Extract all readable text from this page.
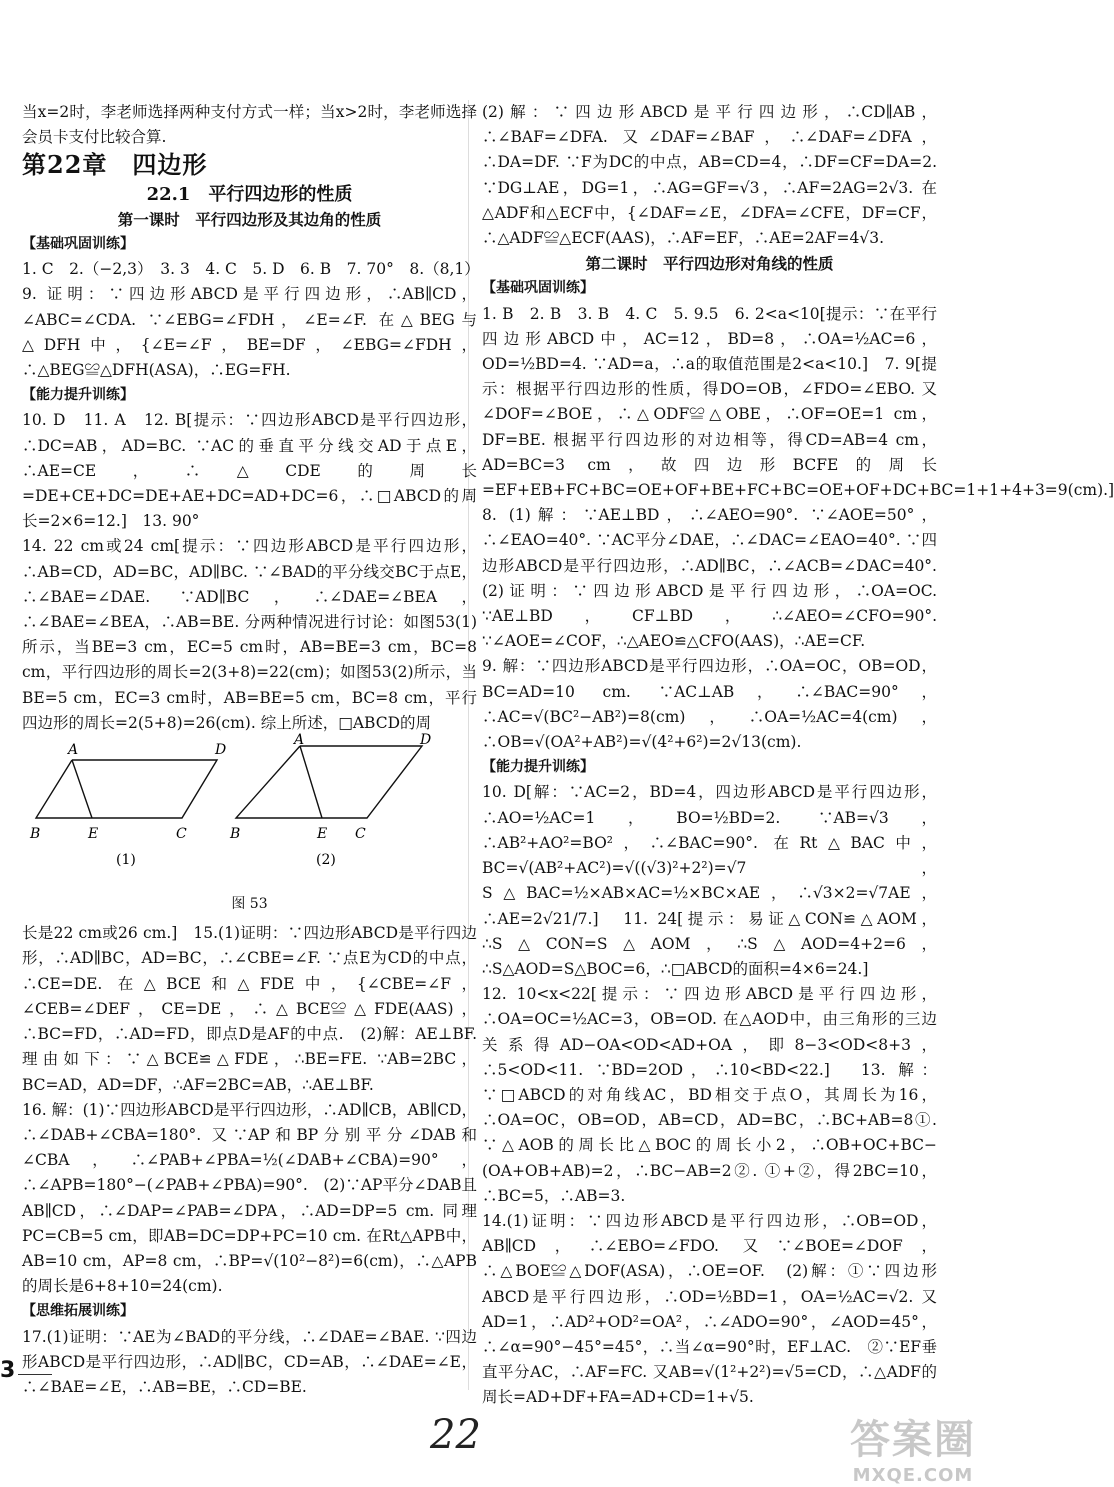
当x=2时，李老师选择两种支付方式一样；当x>2时，李老师选择会员卡支付比较合算.

第22章　四边形

22.1　平行四边形的性质

第一课时　平行四边形及其边角的性质

【基础巩固训练】

1. C　2.（−2,3）　3. 3　4. C　5. D　6. B　7. 70°　8.（8,1）

9. 证明：∵四边形ABCD是平行四边形，∴AB∥CD，∠ABC=∠CDA. ∵∠EBG=∠FDH，∠E=∠F. 在△BEG与△DFH中，{∠E=∠F，BE=DF，∠EBG=∠FDH，∴△BEG≌△DFH(ASA)，∴EG=FH.

【能力提升训练】

10. D　11. A　12. B[提示：∵四边形ABCD是平行四边形，∴DC=AB，AD=BC. ∵AC的垂直平分线交AD于点E，∴AE=CE，∴△CDE的周长=DE+CE+DC=DE+AE+DC=AD+DC=6，∴□ABCD的周长=2×6=12.]　13. 90°

14. 22 cm或24 cm[提示：∵四边形ABCD是平行四边形，∴AB=CD，AD=BC，AD∥BC. ∵∠BAD的平分线交BC于点E，∴∠BAE=∠DAE. ∵AD∥BC，∴∠DAE=∠BEA，∴∠BAE=∠BEA，∴AB=BE. 分两种情况进行讨论：如图53(1)所示，当BE=3 cm，EC=5 cm时，AB=BE=3 cm，BC=8 cm，平行四边形的周长=2(3+8)=22(cm)；如图53(2)所示，当BE=5 cm，EC=3 cm时，AB=BE=5 cm，BC=8 cm，平行四边形的周长=2(5+8)=26(cm). 综上所述，□ABCD的周

A	D
B	E	C
(1)
A	D
B	E C
(2)

图 53

长是22 cm或26 cm.]　15.(1)证明：∵四边形ABCD是平行四边形，∴AD∥BC，AD=BC，∴∠CBE=∠F. ∵点E为CD的中点，∴CE=DE. 在△BCE和△FDE中，{∠CBE=∠F，∠CEB=∠DEF，CE=DE，∴△BCE≌△FDE(AAS)，∴BC=FD，∴AD=FD，即点D是AF的中点.　(2)解：AE⊥BF. 理由如下：∵△BCE≌△FDE，∴BE=FE. ∵AB=2BC，BC=AD，AD=DF，∴AF=2BC=AB，∴AE⊥BF.

16. 解：(1)∵四边形ABCD是平行四边形，∴AD∥CB，AB∥CD，∴∠DAB+∠CBA=180°. 又∵AP和BP分别平分∠DAB和∠CBA，∴∠PAB+∠PBA=½(∠DAB+∠CBA)=90°，∴∠APB=180°−(∠PAB+∠PBA)=90°.　(2)∵AP平分∠DAB且AB∥CD，∴∠DAP=∠PAB=∠DPA，∴AD=DP=5 cm. 同理PC=CB=5 cm，即AB=DC=DP+PC=10 cm. 在Rt△APB中，AB=10 cm，AP=8 cm，∴BP=√(10²−8²)=6(cm)，∴△APB的周长是6+8+10=24(cm).

【思维拓展训练】

17.(1)证明：∵AE为∠BAD的平分线，∴∠DAE=∠BAE. ∵四边形ABCD是平行四边形，∴AD∥BC，CD=AB，∴∠DAE=∠E，∴∠BAE=∠E，∴AB=BE，∴CD=BE.

(2)解：∵四边形ABCD是平行四边形，∴CD∥AB，∴∠BAF=∠DFA. 又∠DAF=∠BAF，∴∠DAF=∠DFA，∴DA=DF. ∵F为DC的中点，AB=CD=4，∴DF=CF=DA=2. ∵DG⊥AE，DG=1，∴AG=GF=√3，∴AF=2AG=2√3. 在△ADF和△ECF中，{∠DAF=∠E，∠DFA=∠CFE，DF=CF，∴△ADF≌△ECF(AAS)，∴AF=EF，∴AE=2AF=4√3.

第二课时　平行四边形对角线的性质

【基础巩固训练】

1. B　2. B　3. B　4. C　5. 9.5　6. 2<a<10[提示：∵在平行四边形ABCD中，AC=12，BD=8，∴OA=½AC=6，OD=½BD=4. ∵AD=a，∴a的取值范围是2<a<10.]　7. 9[提示：根据平行四边形的性质，得DO=OB，∠FDO=∠EBO. 又∠DOF=∠BOE，∴△ODF≌△OBE，∴OF=OE=1 cm，DF=BE. 根据平行四边形的对边相等，得CD=AB=4 cm，AD=BC=3 cm，故四边形BCFE的周长=EF+EB+FC+BC=OE+OF+BE+FC+BC=OE+OF+DC+BC=1+1+4+3=9(cm).]　8. (1)解：∵AE⊥BD，∴∠AEO=90°. ∵∠AOE=50°，∴∠EAO=40°. ∵AC平分∠DAE，∴∠DAC=∠EAO=40°. ∵四边形ABCD是平行四边形，∴AD∥BC，∴∠ACB=∠DAC=40°.　(2)证明：∵四边形ABCD是平行四边形，∴OA=OC. ∵AE⊥BD，CF⊥BD，∴∠AEO=∠CFO=90°. ∵∠AOE=∠COF，∴△AEO≌△CFO(AAS)，∴AE=CF.

9. 解：∵四边形ABCD是平行四边形，∴OA=OC，OB=OD，BC=AD=10 cm. ∵AC⊥AB，∴∠BAC=90°，∴AC=√(BC²−AB²)=8(cm)，∴OA=½AC=4(cm)，∴OB=√(OA²+AB²)=√(4²+6²)=2√13(cm).

【能力提升训练】

10. D[解：∵AC=2，BD=4，四边形ABCD是平行四边形，∴AO=½AC=1，BO=½BD=2. ∵AB=√3，∴AB²+AO²=BO²，∴∠BAC=90°. 在Rt△BAC中，BC=√(AB²+AC²)=√((√3)²+2²)=√7，S△BAC=½×AB×AC=½×BC×AE，∴√3×2=√7AE，∴AE=2√21/7.]　11. 24[提示：易证△CON≌△AOM，∴S△CON=S△AOM，∴S△AOD=4+2=6，∴S△AOD=S△BOC=6，∴□ABCD的面积=4×6=24.]

12. 10<x<22[提示：∵四边形ABCD是平行四边形，∴OA=OC=½AC=3，OB=OD. 在△AOD中，由三角形的三边关系得AD−OA<OD<AD+OA，即8−3<OD<8+3，∴5<OD<11. ∵BD=2OD，∴10<BD<22.]　13. 解：∵□ABCD的对角线AC，BD相交于点O，其周长为16，∴OA=OC，OB=OD，AB=CD，AD=BC，∴BC+AB=8①. ∵△AOB的周长比△BOC的周长小2，∴OB+OC+BC−(OA+OB+AB)=2，∴BC−AB=2②. ①+②，得2BC=10，∴BC=5，∴AB=3.

14.(1)证明：∵四边形ABCD是平行四边形，∴OB=OD，AB∥CD，∴∠EBO=∠FDO. 又∵∠BOE=∠DOF，∴△BOE≌△DOF(ASA)，∴OE=OF.　(2)解：①∵四边形ABCD是平行四边形，∴OD=½BD=1，OA=½AC=√2. 又AD=1，∴AD²+OD²=OA²，∴∠ADO=90°，∠AOD=45°，∴∠α=90°−45°=45°，∴当∠α=90°时，EF⊥AC.　②∵EF垂直平分AC，∴AF=FC. 又AB=√(1²+2²)=√5=CD，∴△ADF的周长=AD+DF+FA=AD+CD=1+√5.

3
22	答案圈
MXQE.COM
